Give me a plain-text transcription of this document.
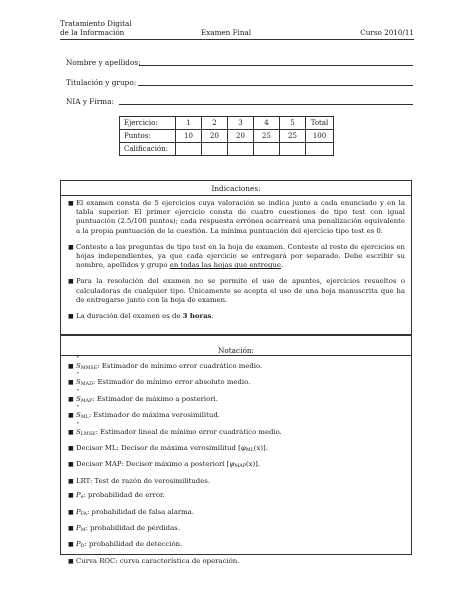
Tratamiento Digital
de la Información	Examen Final	Curso 2010/11
Nombre y apellidos:
Titulación y grupo:
NIA y Firma:
Ejercicio:	1	2	3	4	5	Total
Puntos:	10	20	20	25	25	100
Calificación:						
Indicaciones:
■ El examen consta de 5 ejercicios cuya valoración se indica junto a cada enunciado y en la tabla superior. El primer ejercicio consta de cuatro cuestiones de tipo test con igual puntuación (2.5/100 puntos); cada respuesta errónea acarreará una penalización equivalente a la propia puntuación de la cuestión. La mínima puntuación del ejercicio tipo test es 0.
■ Conteste a las preguntas de tipo test en la hoja de examen. Conteste al resto de ejercicios en hojas independientes, ya que cada ejercicio se entregará por separado. Debe escribir su nombre, apellidos y grupo en todas las hojas que entregue.
■ Para la resolución del examen no se permite el uso de apuntes, ejercicios resueltos o calculadoras de cualquier tipo. Únicamente se acepta el uso de una hoja manuscrita que ha de entregarse junto con la hoja de examen.
■ La duración del examen es de 3 horas.
Notación:
■ ˆ SMMSE: Estimador de mínimo error cuadrático medio.
■ ˆ SMAD: Estimador de mínimo error absoluto medio.
■ ˆ SMAP: Estimador de máximo a posteriori.
■ ˆ SML: Estimador de máxima verosimilitud.
■ ˆ SLMSE: Estimador lineal de mínimo error cuadrático medio.
■ Decisor ML: Decisor de máxima verosimilitud [φML(x)].
■ Decisor MAP: Decisor máximo a posteriori [φMAP(x)].
■ LRT: Test de razón de verosimilitudes.
■ Pe: probabilidad de error.
■ PFA: probabilidad de falsa alarma.
■ PM: probabilidad de pérdidas.
■ PD: probabilidad de detección.
■ Curva ROC: curva característica de operación.
